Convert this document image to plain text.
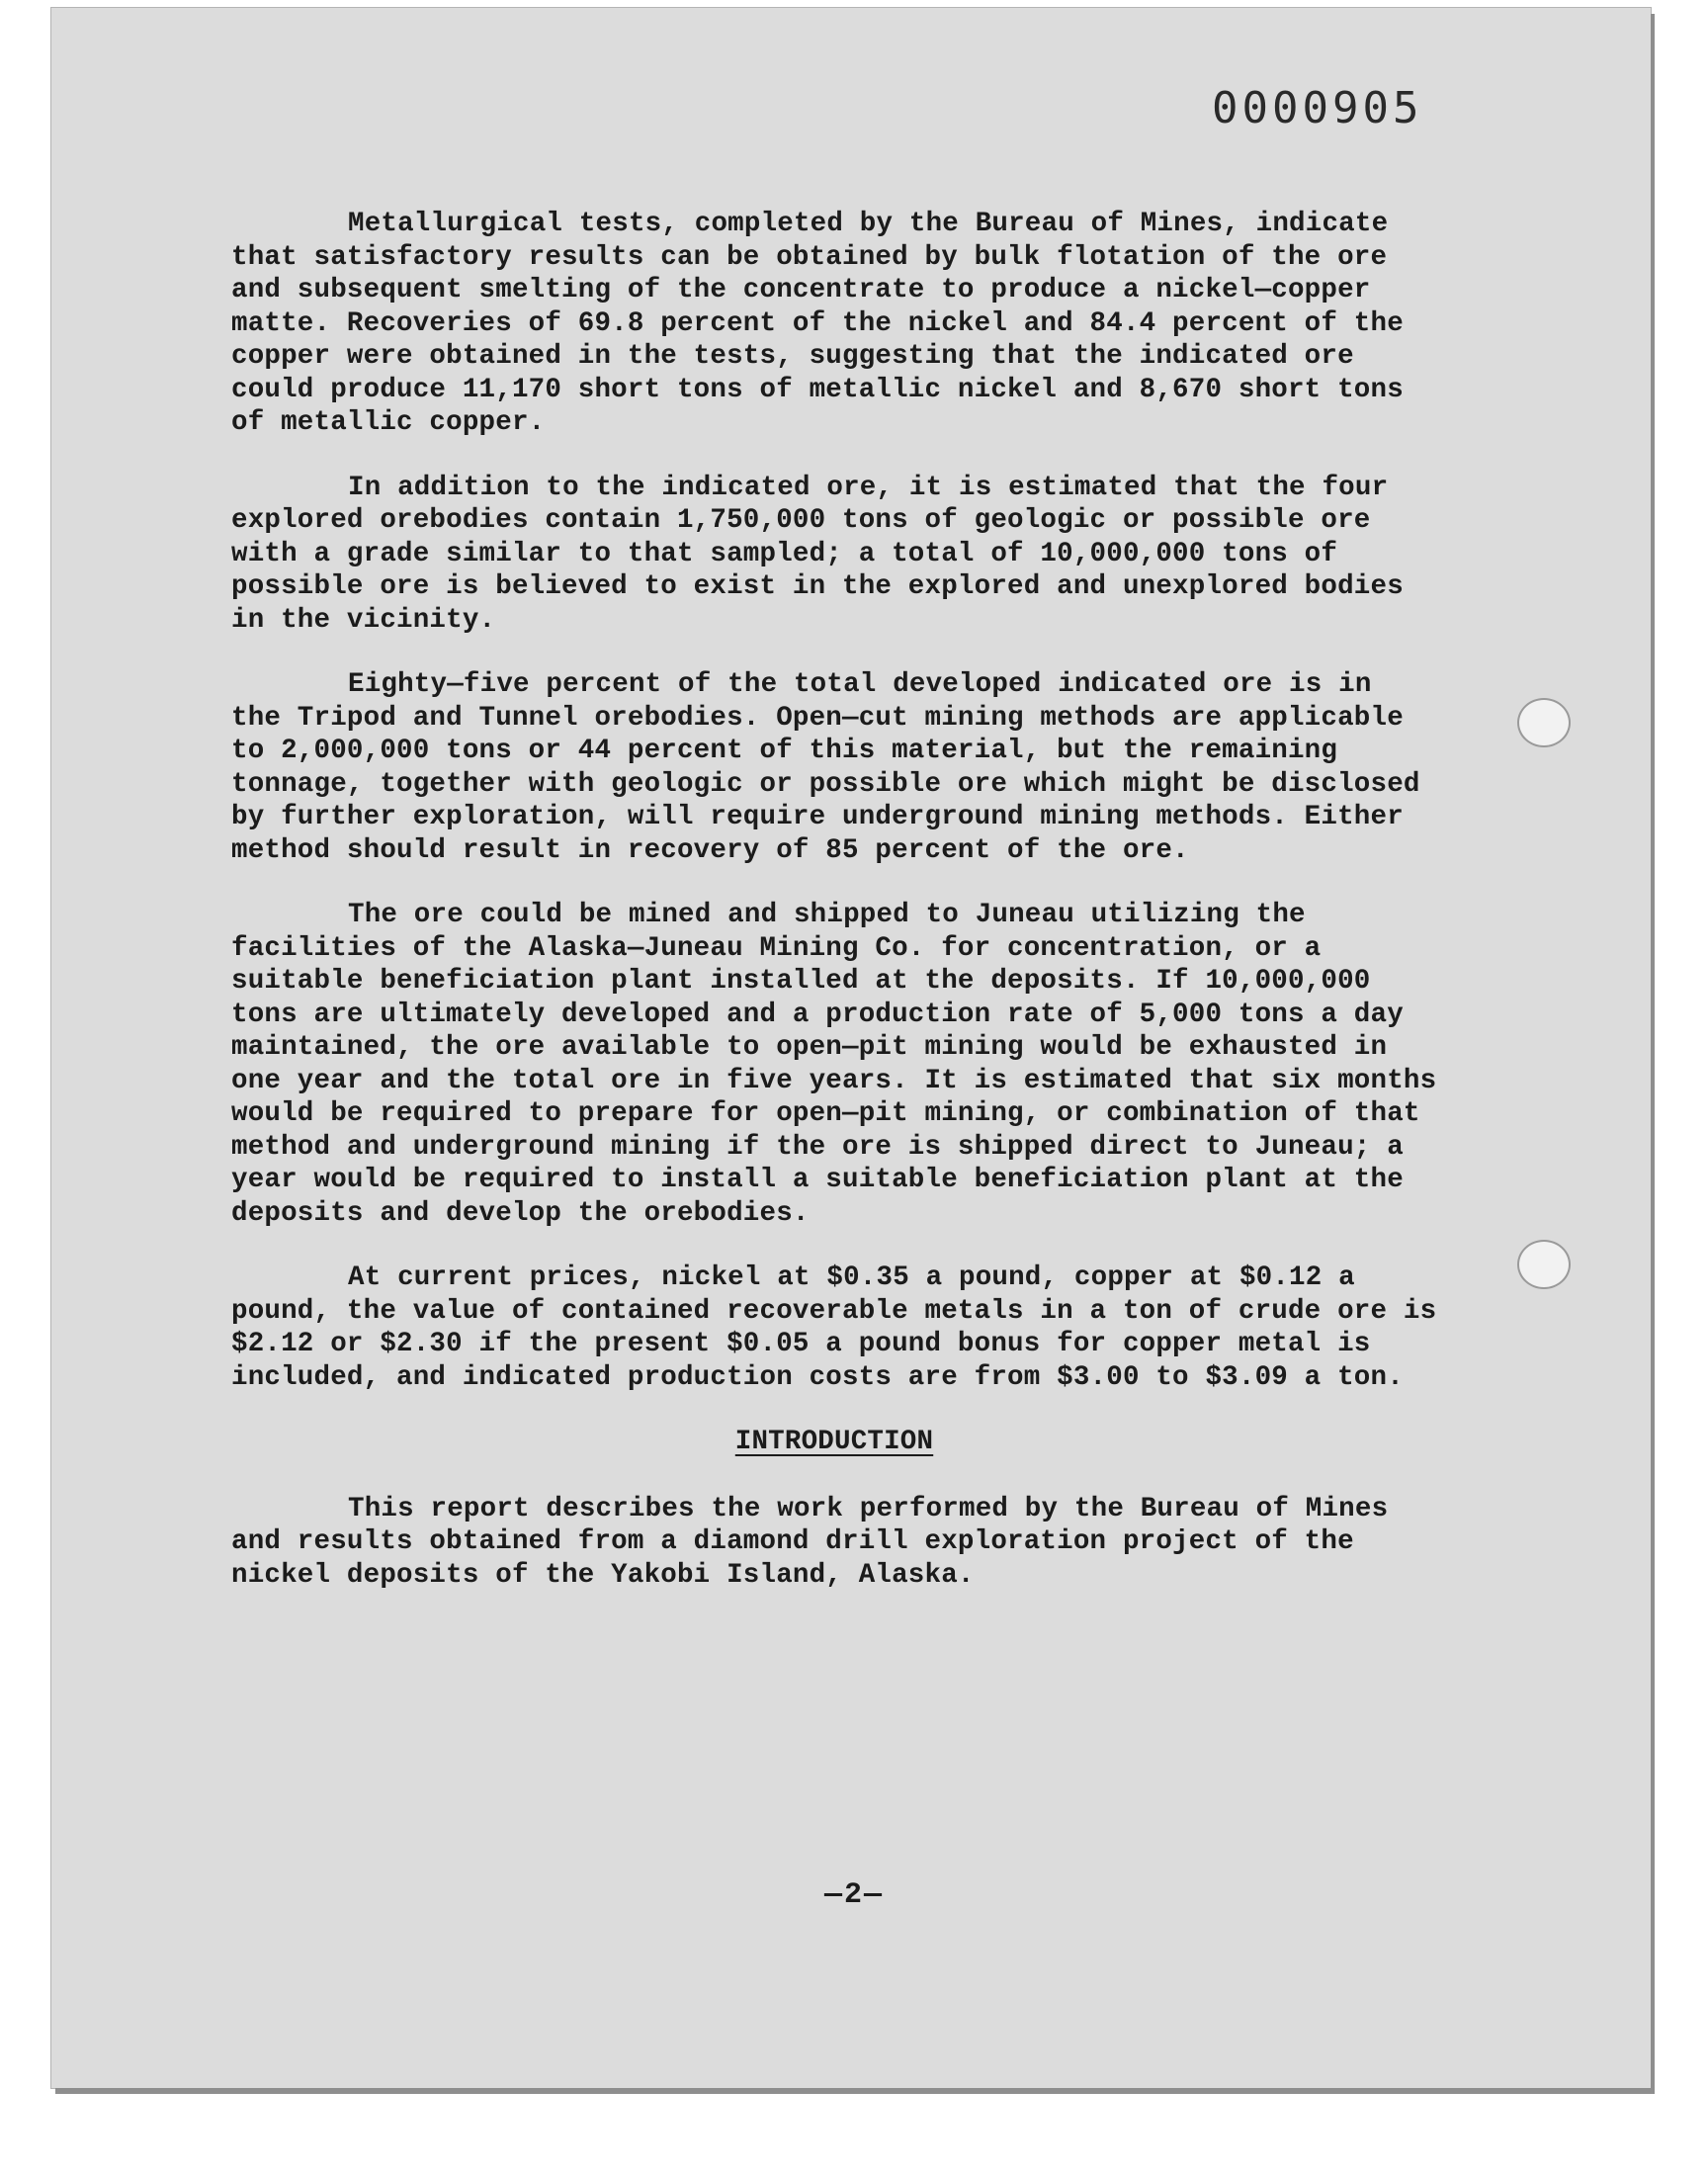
0000905

Metallurgical tests, completed by the Bureau of Mines, indicate that satisfactory results can be obtained by bulk flotation of the ore and subsequent smelting of the concentrate to produce a nickel—copper matte. Recoveries of 69.8 percent of the nickel and 84.4 percent of the copper were obtained in the tests, suggesting that the indicated ore could produce 11,170 short tons of metallic nickel and 8,670 short tons of metallic copper.

In addition to the indicated ore, it is estimated that the four explored orebodies contain 1,750,000 tons of geologic or possible ore with a grade similar to that sampled; a total of 10,000,000 tons of possible ore is believed to exist in the explored and unexplored bodies in the vicinity.

Eighty—five percent of the total developed indicated ore is in the Tripod and Tunnel orebodies. Open—cut mining methods are applicable to 2,000,000 tons or 44 percent of this material, but the remaining tonnage, together with geologic or possible ore which might be disclosed by further exploration, will require underground mining methods. Either method should result in recovery of 85 percent of the ore.

The ore could be mined and shipped to Juneau utilizing the facilities of the Alaska—Juneau Mining Co. for concentration, or a suitable beneficiation plant installed at the deposits. If 10,000,000 tons are ultimately developed and a production rate of 5,000 tons a day maintained, the ore available to open—pit mining would be exhausted in one year and the total ore in five years. It is estimated that six months would be required to prepare for open—pit mining, or combination of that method and underground mining if the ore is shipped direct to Juneau; a year would be required to install a suitable beneficiation plant at the deposits and develop the orebodies.

At current prices, nickel at $0.35 a pound, copper at $0.12 a pound, the value of contained recoverable metals in a ton of crude ore is $2.12 or $2.30 if the present $0.05 a pound bonus for copper metal is included, and indicated production costs are from $3.00 to $3.09 a ton.

INTRODUCTION

This report describes the work performed by the Bureau of Mines and results obtained from a diamond drill exploration project of the nickel deposits of the Yakobi Island, Alaska.

—2—
